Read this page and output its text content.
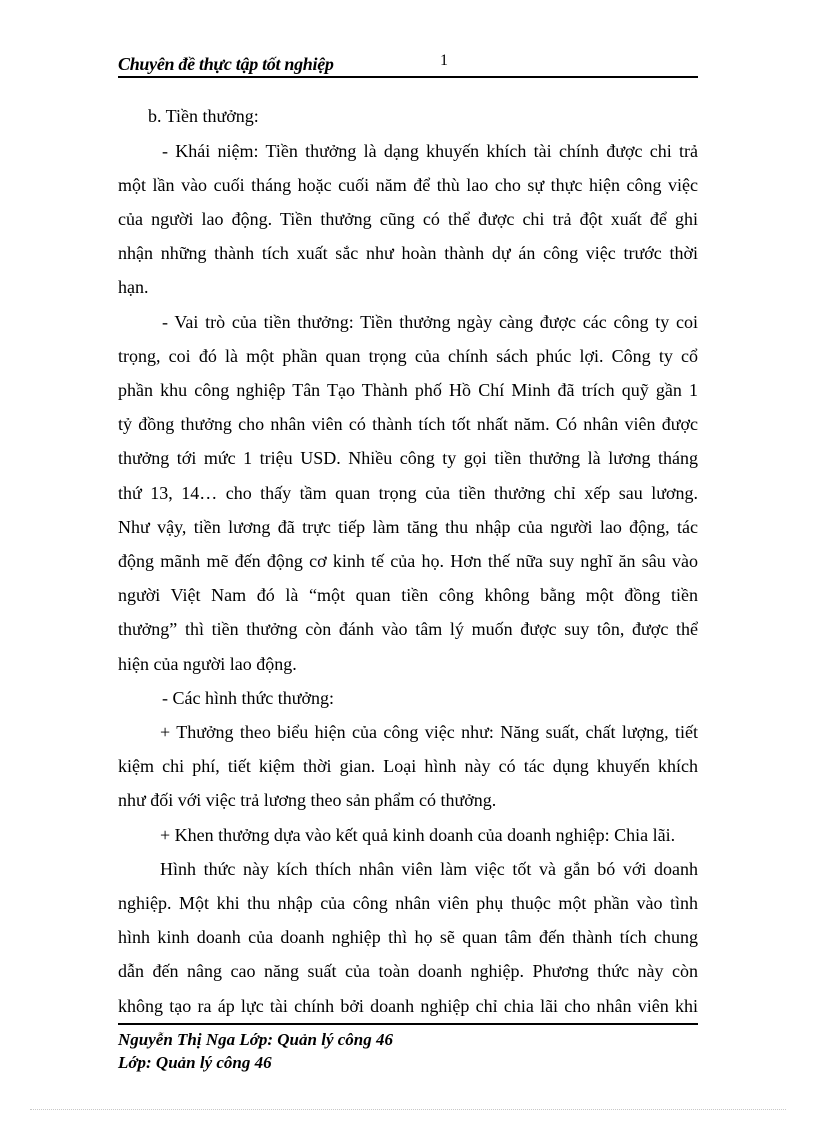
Chuyên đề thực tập tốt nghiệp	1
b. Tiền thưởng:
- Khái niệm: Tiền thưởng là dạng khuyến khích tài chính được chi trả
một lần vào cuối tháng hoặc cuối năm để thù lao cho sự thực hiện công việc
của người lao động. Tiền thưởng cũng có thể được chi trả đột xuất để ghi
nhận những thành tích xuất sắc như hoàn thành dự án công việc trước thời
hạn.
- Vai trò của tiền thưởng: Tiền thưởng ngày càng được các công ty coi
trọng, coi đó là một phần quan trọng của chính sách phúc lợi. Công ty cổ
phần khu công nghiệp Tân Tạo Thành phố Hồ Chí Minh đã trích quỹ gần 1
tỷ đồng thưởng cho nhân viên có thành tích tốt nhất năm. Có nhân viên được
thưởng tới mức 1 triệu USD. Nhiều công ty gọi tiền thưởng là lương tháng
thứ 13, 14… cho thấy tầm quan trọng của tiền thưởng chỉ xếp sau lương.
Như vậy, tiền lương đã trực tiếp làm tăng thu nhập của người lao động, tác
động mãnh mẽ đến động cơ kinh tế của họ. Hơn thế nữa suy nghĩ ăn sâu vào
người Việt Nam đó là “một quan tiền công không bằng một đồng tiền
thưởng” thì tiền thưởng còn đánh vào tâm lý muốn được suy tôn, được thể
hiện của người lao động.
- Các hình thức thưởng:
+ Thưởng theo biểu hiện của công việc như: Năng suất, chất lượng, tiết
kiệm chi phí, tiết kiệm thời gian. Loại hình này có tác dụng khuyến khích
như đối với việc trả lương theo sản phẩm có thưởng.
+ Khen thưởng dựa vào kết quả kinh doanh của doanh nghiệp: Chia lãi.
Hình thức này kích thích nhân viên làm việc tốt và gắn bó với doanh
nghiệp. Một khi thu nhập của công nhân viên phụ thuộc một phần vào tình
hình kinh doanh của doanh nghiệp thì họ sẽ quan tâm đến thành tích chung
dẫn đến nâng cao năng suất của toàn doanh nghiệp. Phương thức này còn
không tạo ra áp lực tài chính bởi doanh nghiệp chỉ chia lãi cho nhân viên khi
Nguyễn Thị Nga Lớp: Quản lý công 46
Lớp: Quản lý công 46
